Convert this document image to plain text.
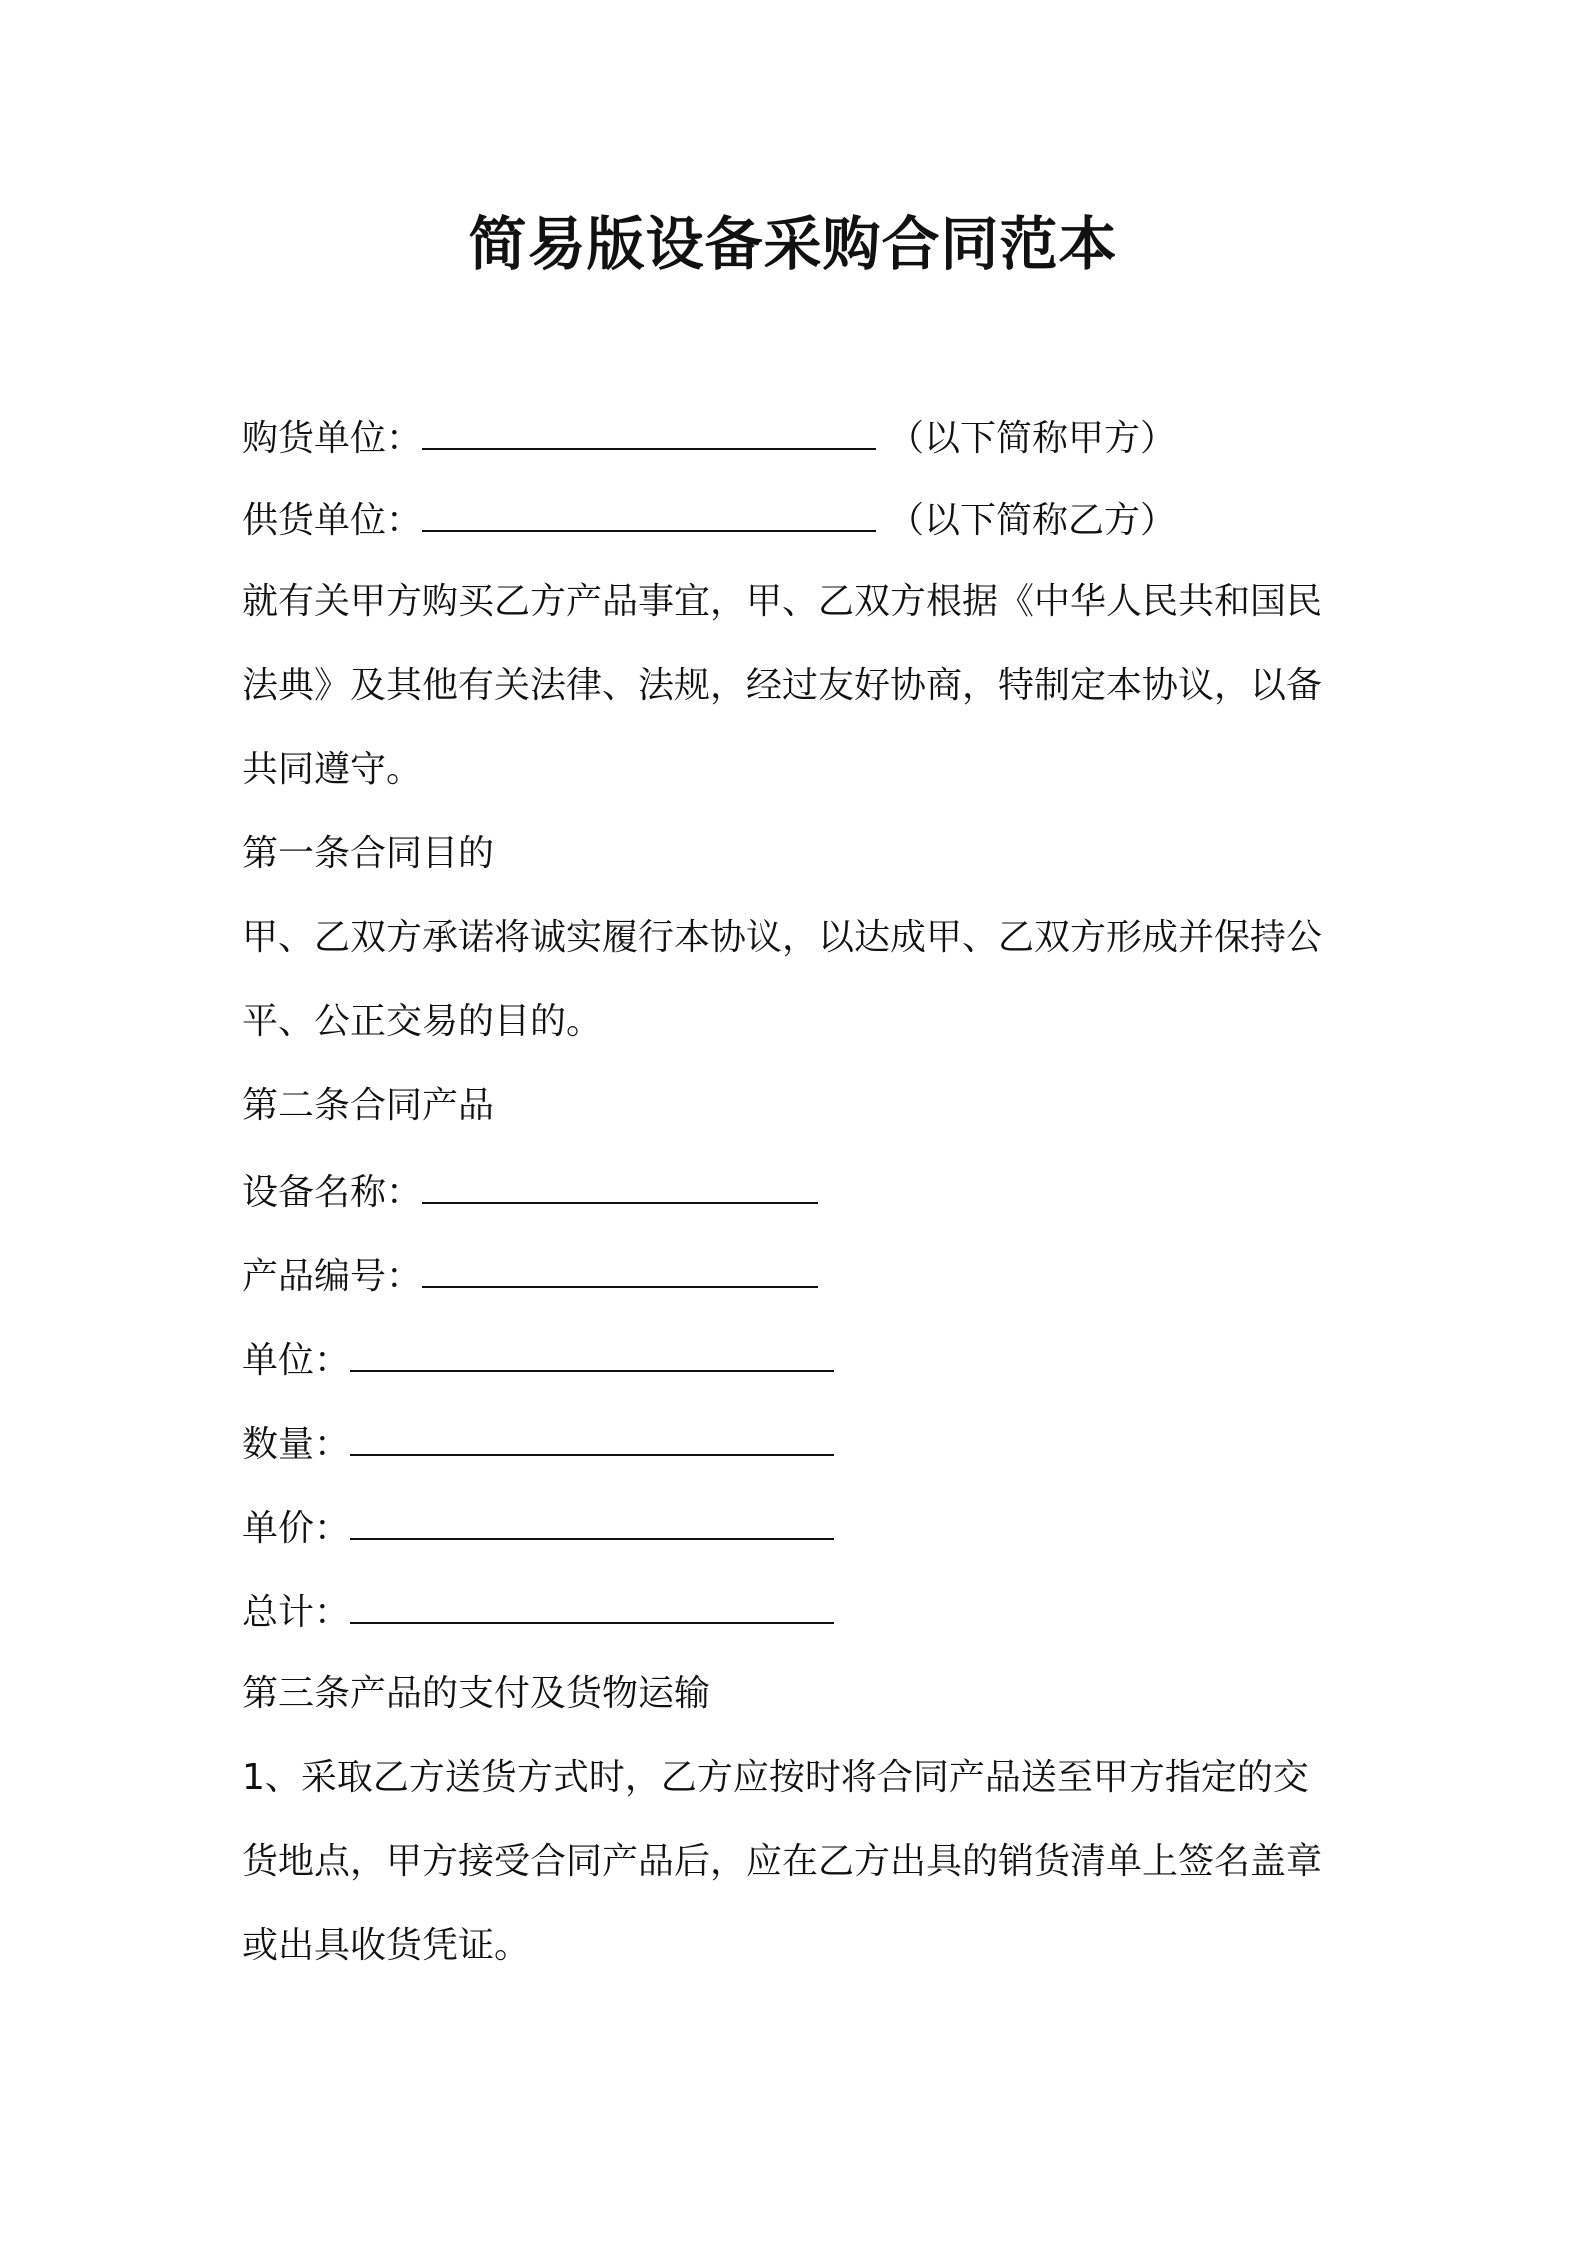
简易版设备采购合同范本
购货单位：	（以下简称甲方）
供货单位：	（以下简称乙方）
就有关甲方购买乙方产品事宜，甲、乙双方根据《中华人民共和国民
法典》及其他有关法律、法规，经过友好协商，特制定本协议，以备
共同遵守。
第一条合同目的
甲、乙双方承诺将诚实履行本协议，以达成甲、乙双方形成并保持公
平、公正交易的目的。
第二条合同产品
设备名称：
产品编号：
单位：
数量：
单价：
总计：
第三条产品的支付及货物运输
1、采取乙方送货方式时，乙方应按时将合同产品送至甲方指定的交
货地点，甲方接受合同产品后，应在乙方出具的销货清单上签名盖章
或出具收货凭证。
